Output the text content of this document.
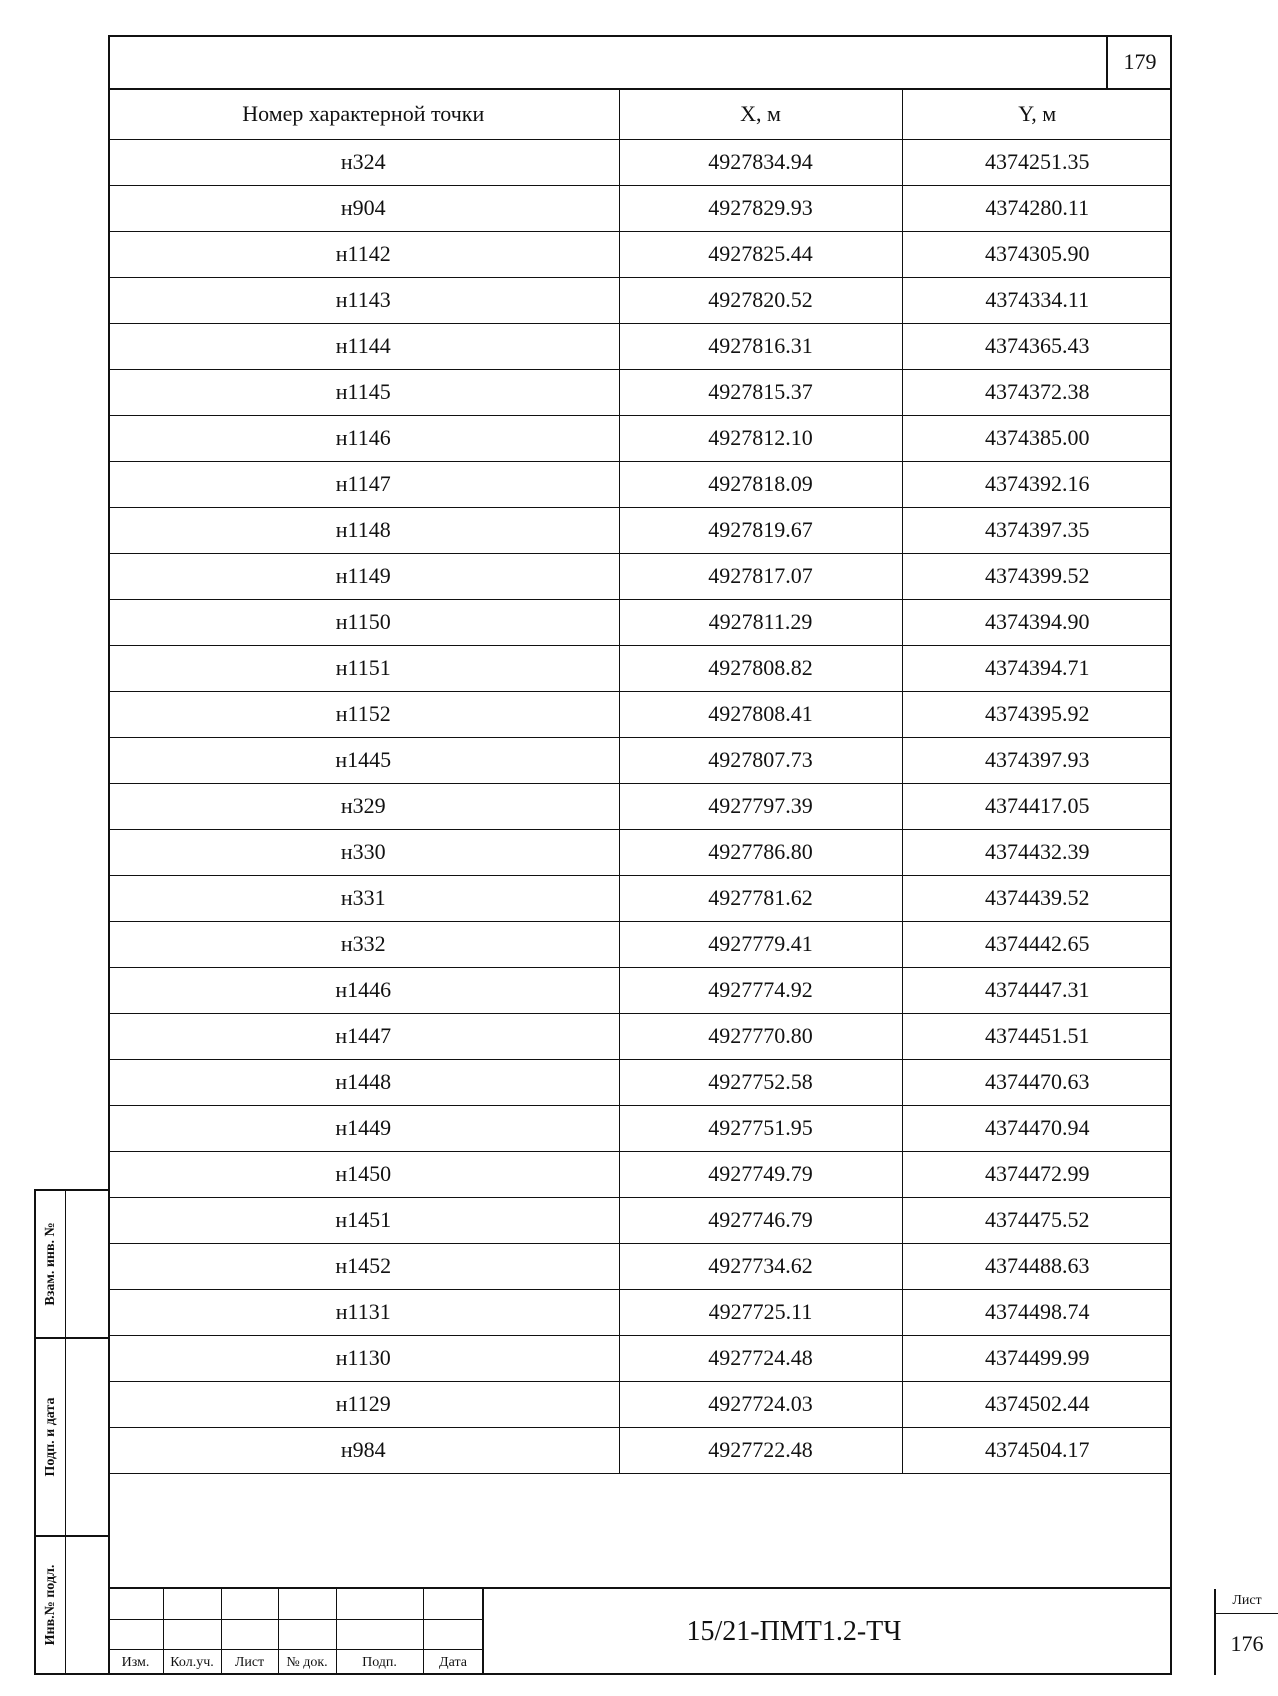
179
Номер характерной точки	X, м	Y, м
н324	4927834.94	4374251.35
н904	4927829.93	4374280.11
н1142	4927825.44	4374305.90
н1143	4927820.52	4374334.11
н1144	4927816.31	4374365.43
н1145	4927815.37	4374372.38
н1146	4927812.10	4374385.00
н1147	4927818.09	4374392.16
н1148	4927819.67	4374397.35
н1149	4927817.07	4374399.52
н1150	4927811.29	4374394.90
н1151	4927808.82	4374394.71
н1152	4927808.41	4374395.92
н1445	4927807.73	4374397.93
н329	4927797.39	4374417.05
н330	4927786.80	4374432.39
н331	4927781.62	4374439.52
н332	4927779.41	4374442.65
н1446	4927774.92	4374447.31
н1447	4927770.80	4374451.51
н1448	4927752.58	4374470.63
н1449	4927751.95	4374470.94
н1450	4927749.79	4374472.99
н1451	4927746.79	4374475.52
н1452	4927734.62	4374488.63
н1131	4927725.11	4374498.74
н1130	4927724.48	4374499.99
н1129	4927724.03	4374502.44
н984	4927722.48	4374504.17
Взам. инв. №
Подп. и дата
Инв.№ подл.
Изм.	Кол.уч.	Лист	№ док.	Подп.	Дата
15/21-ПМТ1.2-ТЧ
Лист
176
